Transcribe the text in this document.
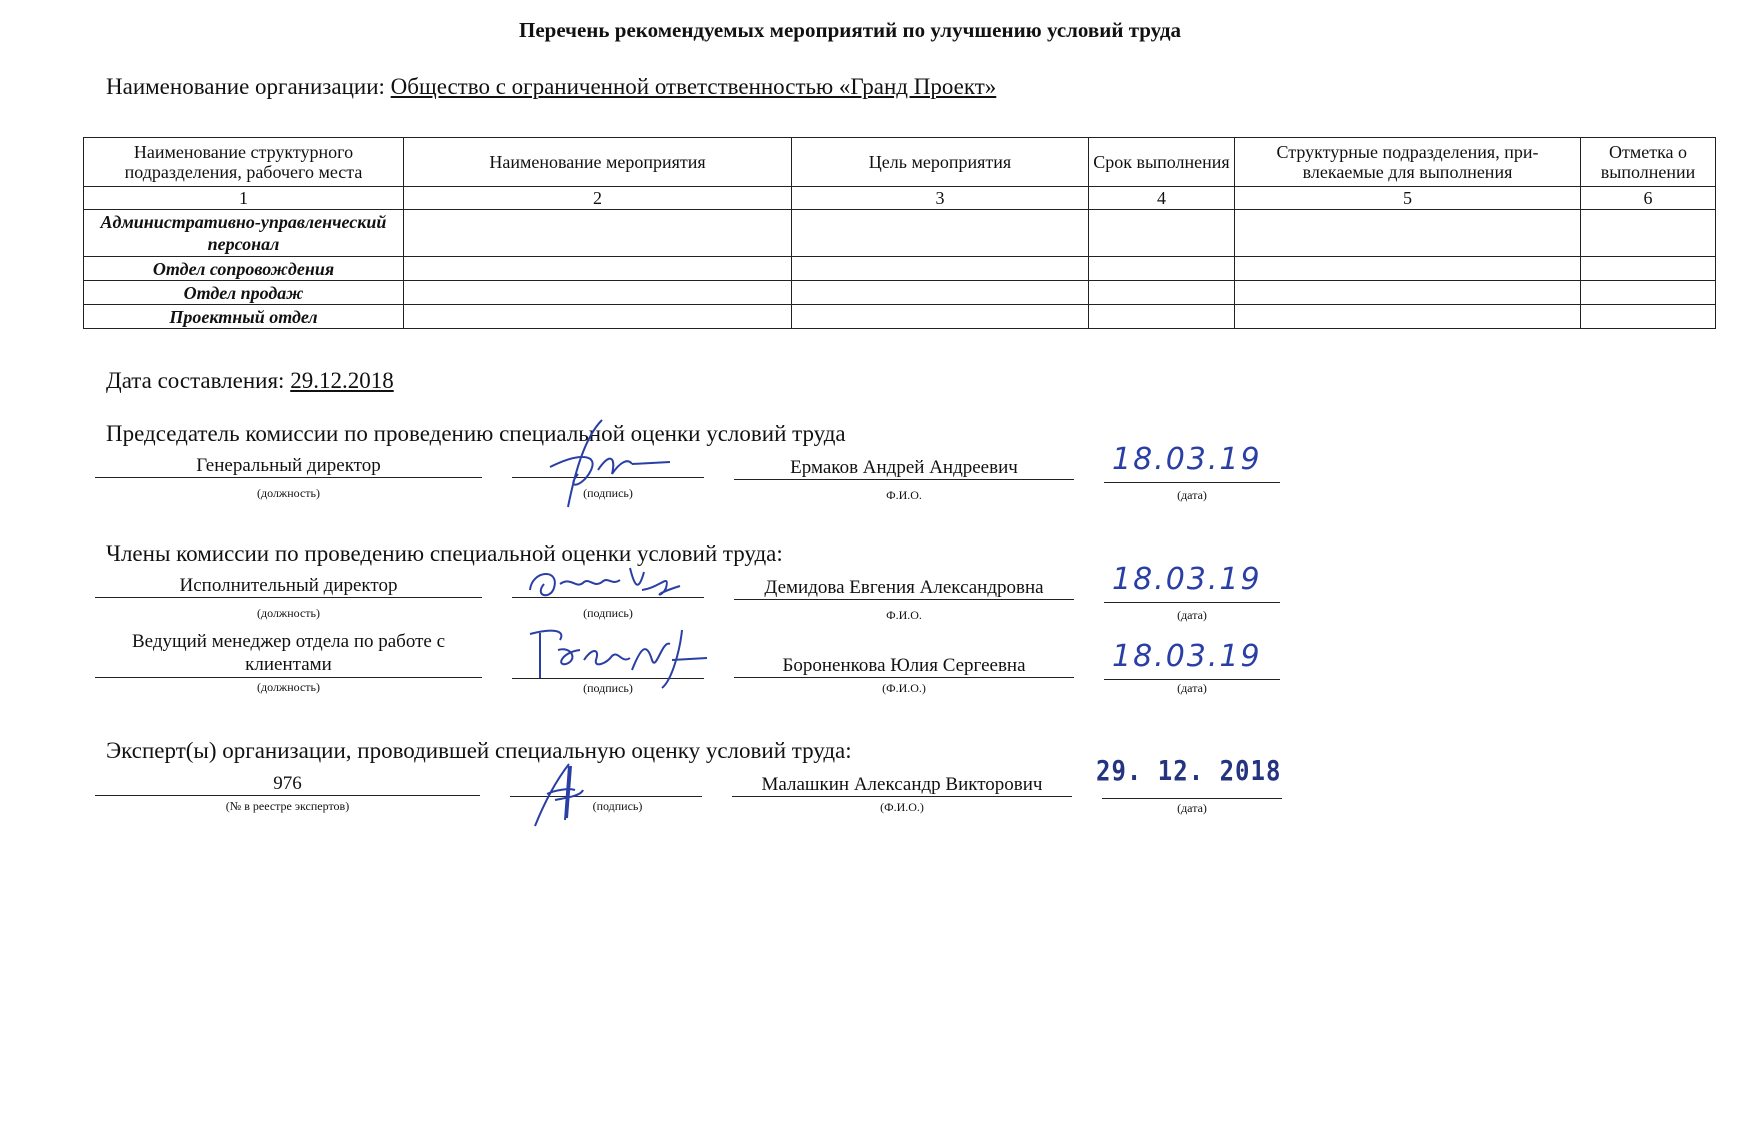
Перечень рекомендуемых мероприятий по улучшению условий труда
Наименование организации: Общество с ограниченной ответственностью «Гранд Проект»
Наименование структурного подразделения, рабочего места	Наименование мероприятия	Цель мероприятия	Срок выполнения	Структурные подразделения, при-влекаемые для выполнения	Отметка о выполнении
1	2	3	4	5	6
Административно-управленческий персонал					
Отдел сопровождения					
Отдел продаж					
Проектный отдел					
Дата составления: 29.12.2018
Председатель комиссии по проведению специальной оценки условий труда
Генеральный директор
(должность)	(подпись)
Ермаков Андрей Андреевич
Ф.И.О.
18.03.19
(дата)
Члены комиссии по проведению специальной оценки условий труда:
Исполнительный директор
(должность)	(подпись)
Демидова Евгения Александровна
Ф.И.О.
18.03.19
(дата)
Ведущий менеджер отдела по работе с клиентами
(должность)	(подпись)
Бороненкова Юлия Сергеевна
(Ф.И.О.)
18.03.19
(дата)
Эксперт(ы) организации, проводившей специальную оценку условий труда:
976
(№ в реестре экспертов)	(подпись)
Малашкин Александр Викторович
(Ф.И.О.)
29. 12. 2018
(дата)
